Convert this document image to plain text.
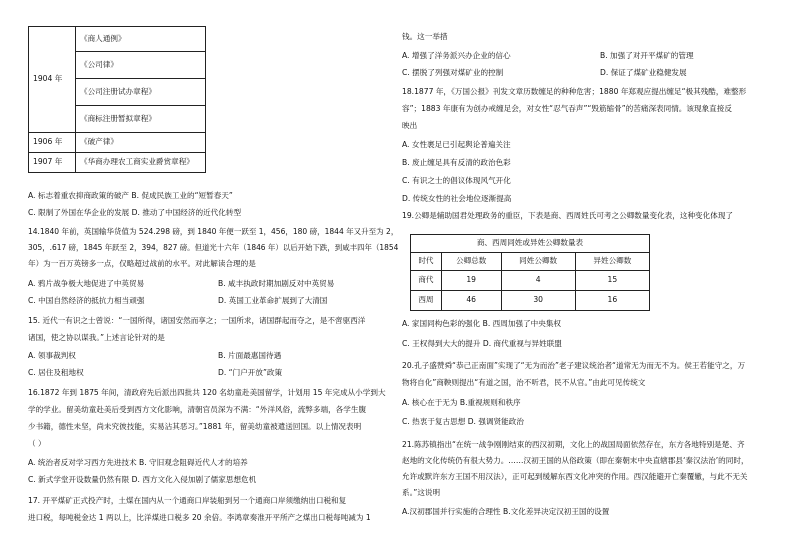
1904 年	《商人通例》
	《公司律》
	《公司注册试办章程》
	《商标注册暂拟章程》
1906 年	《破产律》
1907 年	《华商办理农工商实业爵赏章程》
A. 标志着重农抑商政策的破产 B. 促成民族工业的“短暂春天”
C. 限制了外国在华企业的发展 D. 推动了中国经济的近代化转型
14.1840 年前，英国输华货值为 524.298 磅，到 1840 年便一跃至 1，456，180 磅，1844 年又升至为 2，
305，.617 磅，1845 年跃至 2，394，827 磅。但道光十六年（1846 年）以后开始下跌，到咸丰四年（1854
年）为一百万英镑多一点，仅略超过战前的水平。对此解读合理的是
A. 鸦片战争极大地促进了中英贸易	B. 咸丰执政时期加剧反对中英贸易
C. 中国自然经济的抵抗力相当顽强	D. 英国工业革命扩展到了大清国
15. 近代一有识之士曾说：“一国所得，诸国安然而享之；一国所求，诸国群起而夺之，是不啻驱西洋
诸国，使之协以谋我。”上述言论针对的是
A. 领事裁判权	B. 片面最惠国待遇
C. 居住及租地权	D. “门户开放”政策
16.1872 年到 1875 年间，清政府先后派出四批共 120 名幼童赴美国留学，计划用 15 年完成从小学到大
学的学业。留美幼童赴美后受到西方文化影响，清朝官员深为不满：“外洋风俗，流弊多端，各学生腹
少书籍，德性未坚，尚未究彼技能，实易沾其恶习。”1881 年，留美幼童被遣送回国。以上情况表明
（ ）
A. 统治者反对学习西方先进技术 B. 守旧观念阻碍近代人才的培养
C. 新式学堂开设数量仍然有限 D. 西方文化入侵加剧了儒家思想危机
17. 开平煤矿正式投产时，土煤在国内从一个通商口岸装船到另一个通商口岸须缴纳出口税和复
进口税，每吨税金达 1 两以上，比洋煤进口税多 20 余倍。李鸿章奏准开平所产之煤出口税每吨减为 1
钱。这一举措
A. 增强了洋务派兴办企业的信心	B. 加强了对开平煤矿的管理
C. 摆脱了列强对煤矿业的控制	D. 保证了煤矿业稳健发展
18.1877 年，《万国公报》刊发文章历数缠足的种种危害；1880 年郑观应提出缠足“极其残酷，难整形
容”；1883 年康有为创办戒缠足会，对女性“忍气吞声”“毁筋缩骨”的苦痛深表同情。该现象直接反
映出
A. 女性裹足已引起舆论普遍关注
B. 废止缠足具有反清的政治色彩
C. 有识之士的倡议体现风气开化
D. 传统女性的社会地位逐渐提高
19.公卿是辅助国君处理政务的重臣，下表是商、西周姓氏可考之公卿数量变化表，这种变化体现了
商、西周同姓或异姓公卿数量表			
时代	公卿总数	同姓公卿数	异姓公卿数
商代	19	4	15
西周	46	30	16
A. 家国同构色彩的强化 B. 西周加强了中央集权
C. 王权得到大大的提升 D. 商代重视与异姓联盟
20.孔子盛赞舜“恭己正南面”实现了“无为而治”老子建议统治者“道常无为而无不为。侯王若能守之，万
物将自化”商鞅则提出“有道之国，治不听君，民不从官。”由此可见传统文
A. 核心在于无为 B.重视规则和秩序
C. 热衷于复古思想 D. 强调贤能政治
21.陈苏镇指出“在统一战争刚刚结束的西汉初期，文化上的战国局面依然存在，东方各地特别是楚、齐
赵地的文化传统仍有很大势力。……汉初王国的从俗政策（即在秦朝末中央直辖郡县‘秦汉法治’的同时，
允许或默许东方王国不用汉法），正可起到缓解东西文化冲突的作用。西汉能避开亡秦覆辙，与此不无关
系。”这说明
A.汉初郡国并行实施的合理性 B.文化差异决定汉初王国的设置
